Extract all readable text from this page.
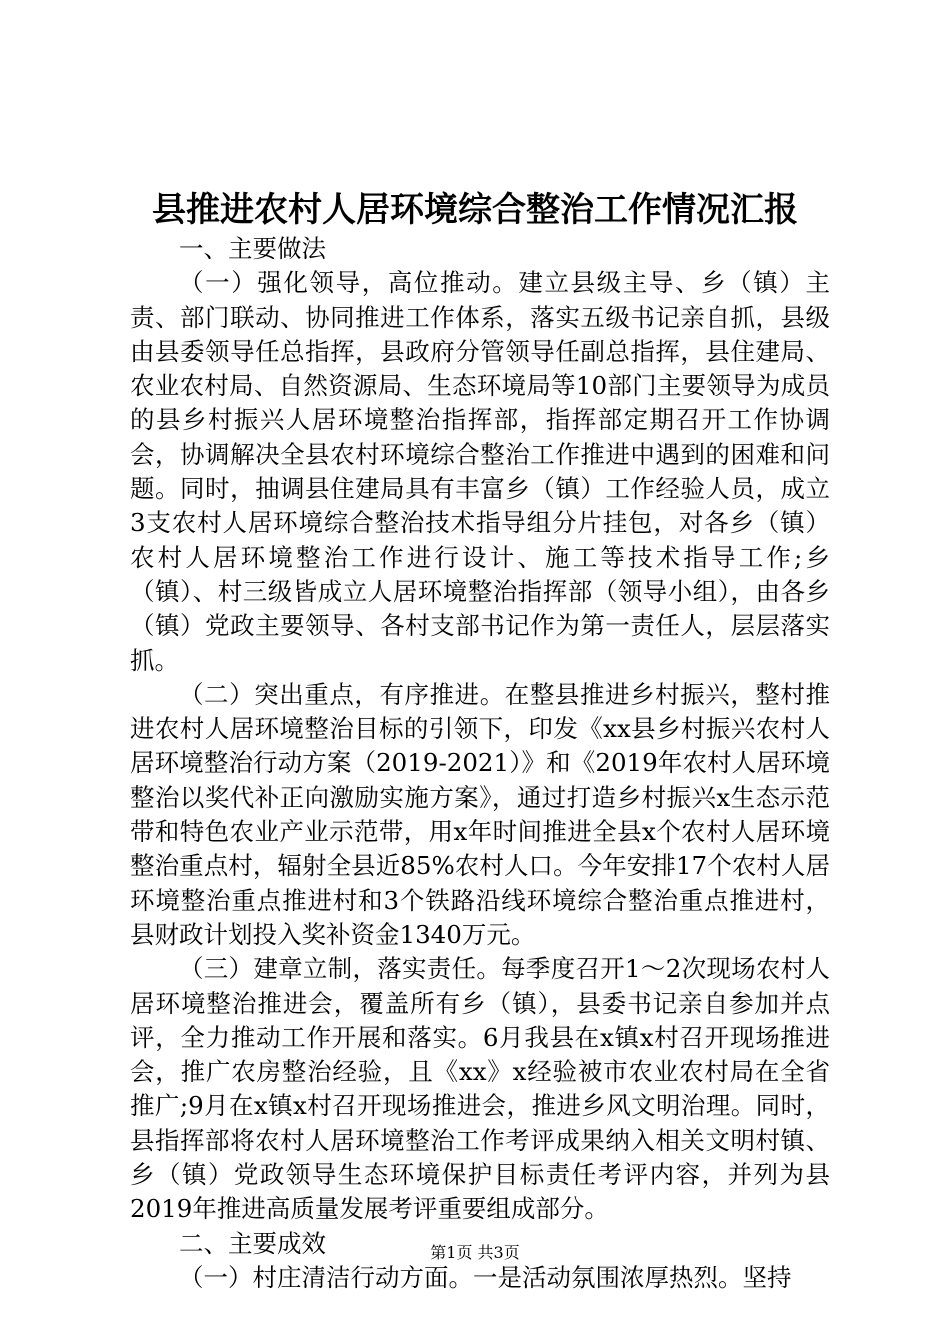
县推进农村人居环境综合整治工作情况汇报

一、主要做法

（一）强化领导，高位推动。建立县级主导、乡（镇）主责、部门联动、协同推进工作体系，落实五级书记亲自抓，县级由县委领导任总指挥，县政府分管领导任副总指挥，县住建局、农业农村局、自然资源局、生态环境局等10部门主要领导为成员的县乡村振兴人居环境整治指挥部，指挥部定期召开工作协调会，协调解决全县农村环境综合整治工作推进中遇到的困难和问题。同时，抽调县住建局具有丰富乡（镇）工作经验人员，成立3支农村人居环境综合整治技术指导组分片挂包，对各乡（镇）农村人居环境整治工作进行设计、施工等技术指导工作;乡（镇）、村三级皆成立人居环境整治指挥部（领导小组），由各乡（镇）党政主要领导、各村支部书记作为第一责任人，层层落实抓。

（二）突出重点，有序推进。在整县推进乡村振兴，整村推进农村人居环境整治目标的引领下，印发《xx县乡村振兴农村人居环境整治行动方案（2019-2021）》和《2019年农村人居环境整治以奖代补正向激励实施方案》，通过打造乡村振兴x生态示范带和特色农业产业示范带，用x年时间推进全县x个农村人居环境整治重点村，辐射全县近85%农村人口。今年安排17个农村人居环境整治重点推进村和3个铁路沿线环境综合整治重点推进村，县财政计划投入奖补资金1340万元。

（三）建章立制，落实责任。每季度召开1～2次现场农村人居环境整治推进会，覆盖所有乡（镇），县委书记亲自参加并点评，全力推动工作开展和落实。6月我县在x镇x村召开现场推进会，推广农房整治经验，且《xx》x经验被市农业农村局在全省推广;9月在x镇x村召开现场推进会，推进乡风文明治理。同时，县指挥部将农村人居环境整治工作考评成果纳入相关文明村镇、乡（镇）党政领导生态环境保护目标责任考评内容，并列为县2019年推进高质量发展考评重要组成部分。

二、主要成效

（一）村庄清洁行动方面。一是活动氛围浓厚热烈。坚持

第1页 共3页
